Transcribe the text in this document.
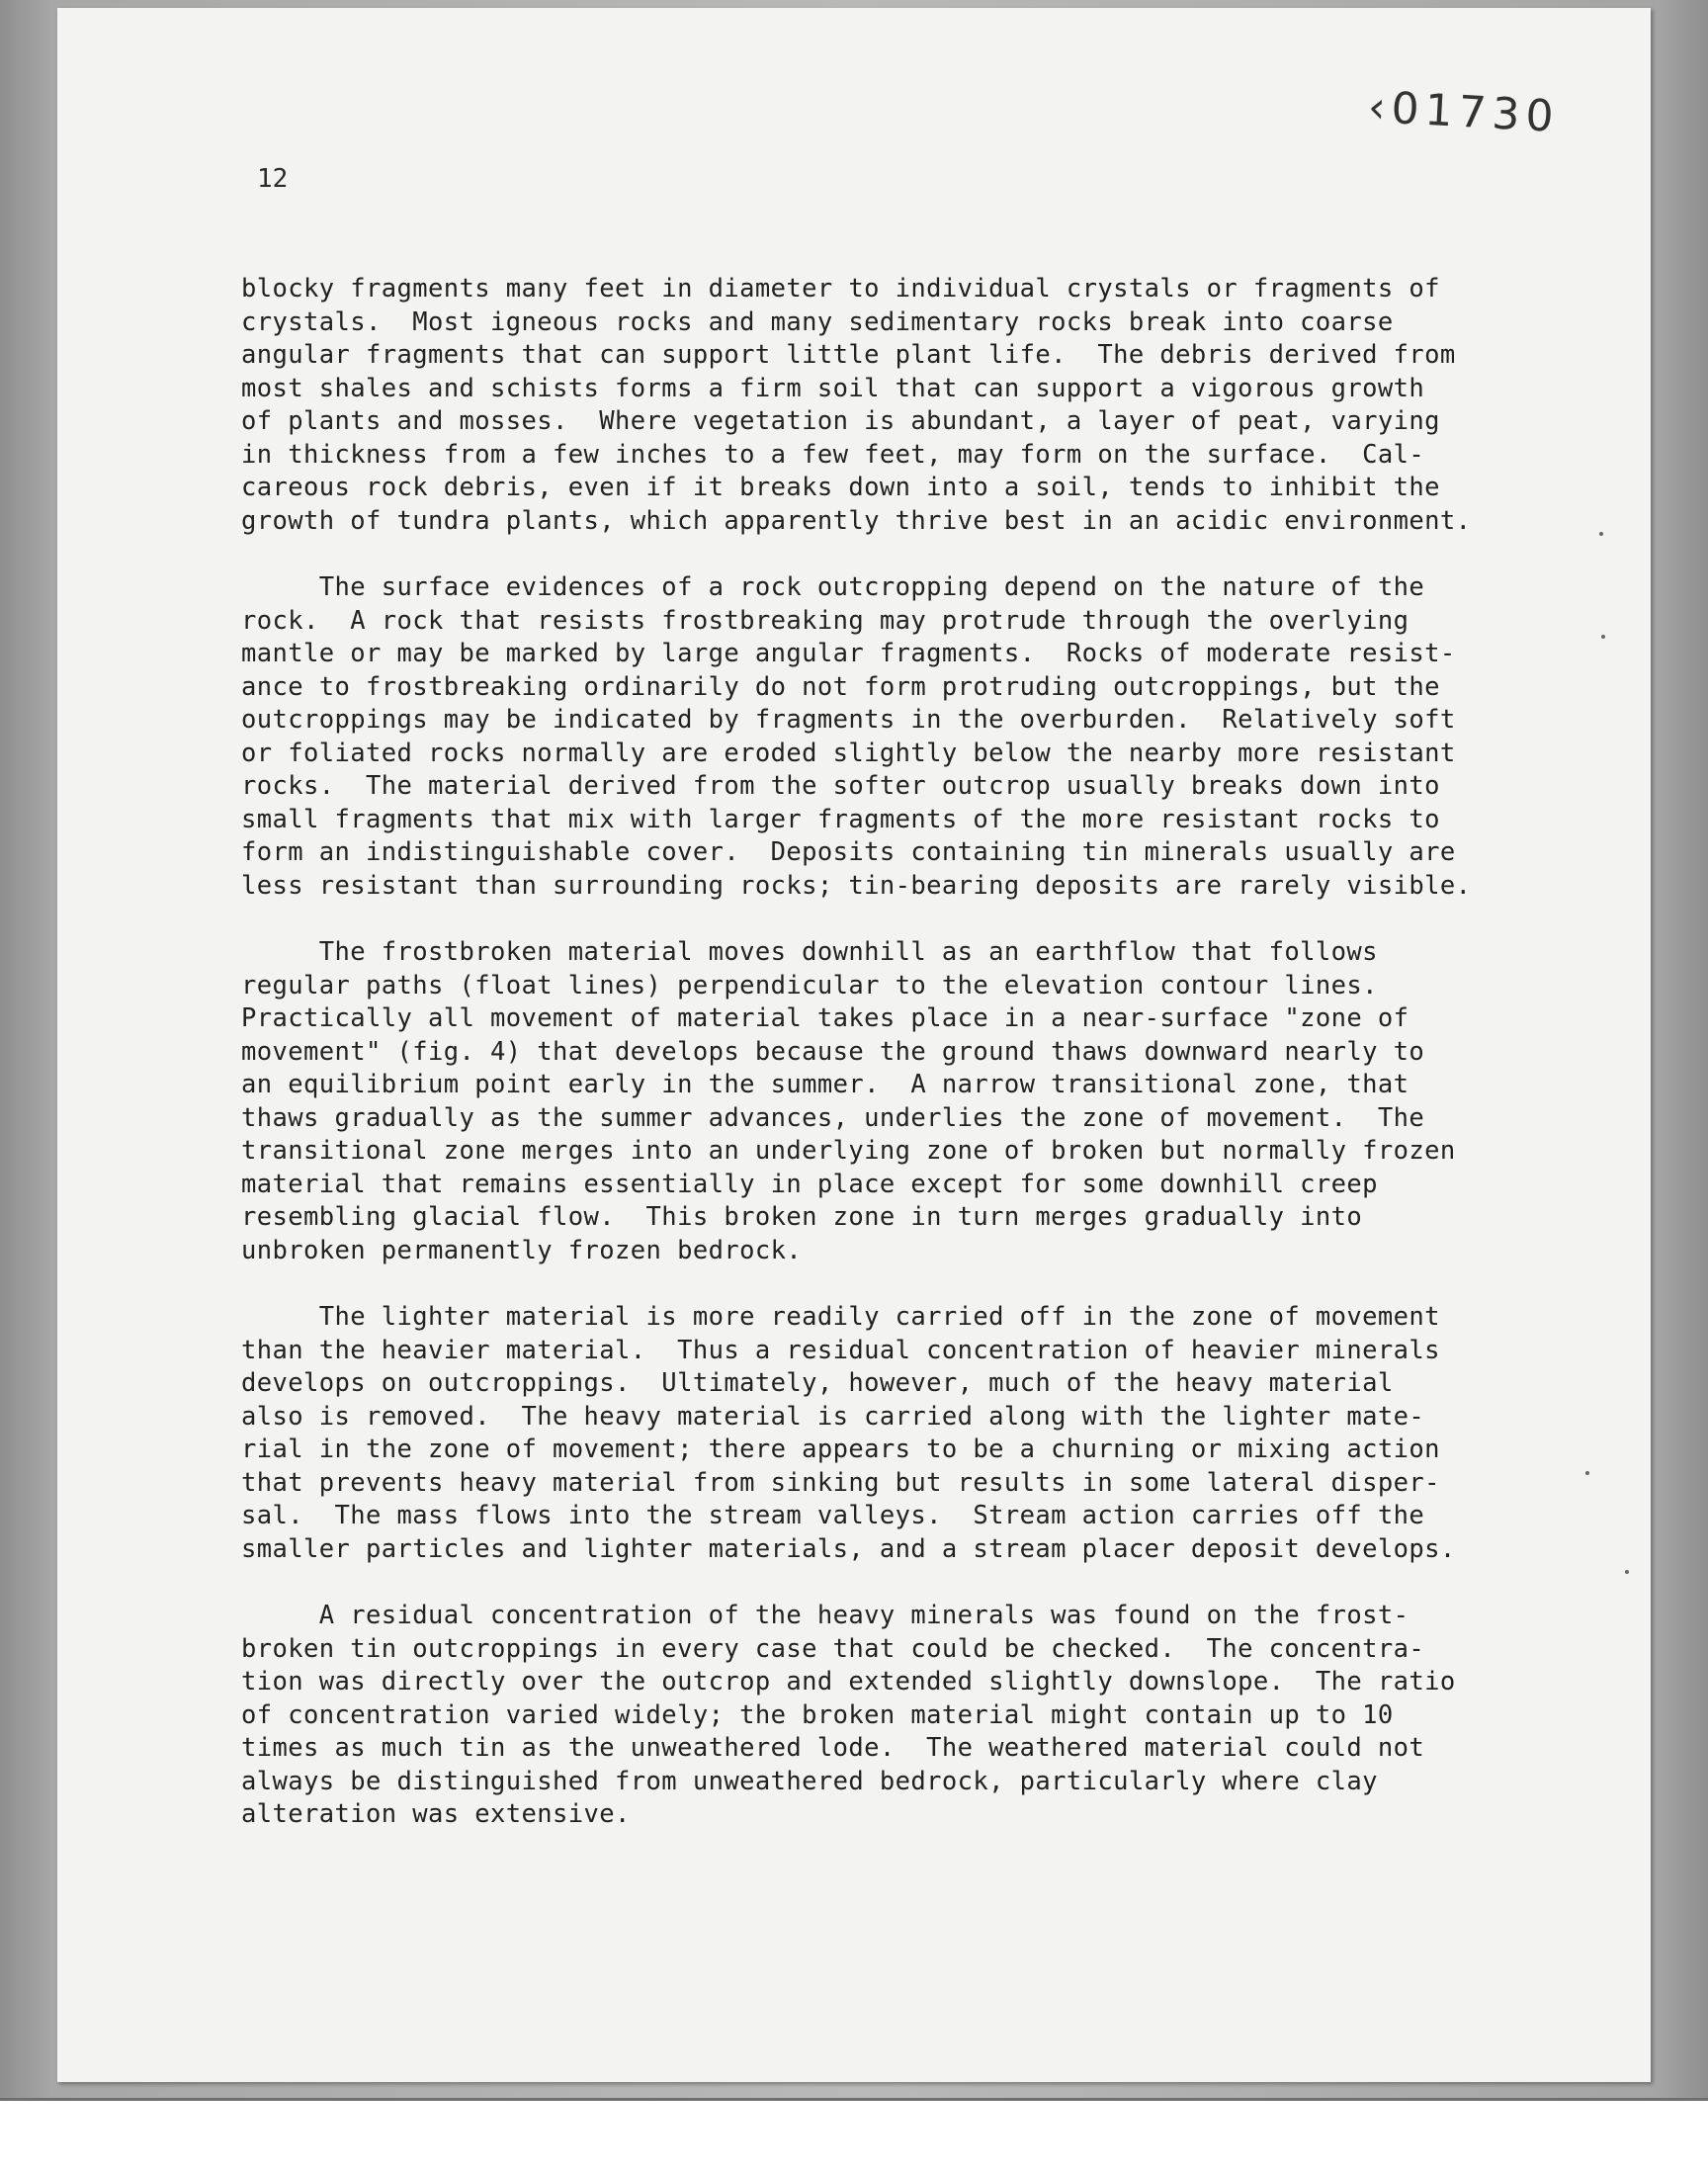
‹01730
12
blocky fragments many feet in diameter to individual crystals or fragments of
crystals.  Most igneous rocks and many sedimentary rocks break into coarse
angular fragments that can support little plant life.  The debris derived from
most shales and schists forms a firm soil that can support a vigorous growth
of plants and mosses.  Where vegetation is abundant, a layer of peat, varying
in thickness from a few inches to a few feet, may form on the surface.  Cal-
careous rock debris, even if it breaks down into a soil, tends to inhibit the
growth of tundra plants, which apparently thrive best in an acidic environment.
The surface evidences of a rock outcropping depend on the nature of the
rock.  A rock that resists frostbreaking may protrude through the overlying
mantle or may be marked by large angular fragments.  Rocks of moderate resist-
ance to frostbreaking ordinarily do not form protruding outcroppings, but the
outcroppings may be indicated by fragments in the overburden.  Relatively soft
or foliated rocks normally are eroded slightly below the nearby more resistant
rocks.  The material derived from the softer outcrop usually breaks down into
small fragments that mix with larger fragments of the more resistant rocks to
form an indistinguishable cover.  Deposits containing tin minerals usually are
less resistant than surrounding rocks; tin-bearing deposits are rarely visible.
The frostbroken material moves downhill as an earthflow that follows
regular paths (float lines) perpendicular to the elevation contour lines.
Practically all movement of material takes place in a near-surface "zone of
movement" (fig. 4) that develops because the ground thaws downward nearly to
an equilibrium point early in the summer.  A narrow transitional zone, that
thaws gradually as the summer advances, underlies the zone of movement.  The
transitional zone merges into an underlying zone of broken but normally frozen
material that remains essentially in place except for some downhill creep
resembling glacial flow.  This broken zone in turn merges gradually into
unbroken permanently frozen bedrock.
The lighter material is more readily carried off in the zone of movement
than the heavier material.  Thus a residual concentration of heavier minerals
develops on outcroppings.  Ultimately, however, much of the heavy material
also is removed.  The heavy material is carried along with the lighter mate-
rial in the zone of movement; there appears to be a churning or mixing action
that prevents heavy material from sinking but results in some lateral disper-
sal.  The mass flows into the stream valleys.  Stream action carries off the
smaller particles and lighter materials, and a stream placer deposit develops.
A residual concentration of the heavy minerals was found on the frost-
broken tin outcroppings in every case that could be checked.  The concentra-
tion was directly over the outcrop and extended slightly downslope.  The ratio
of concentration varied widely; the broken material might contain up to 10
times as much tin as the unweathered lode.  The weathered material could not
always be distinguished from unweathered bedrock, particularly where clay
alteration was extensive.
